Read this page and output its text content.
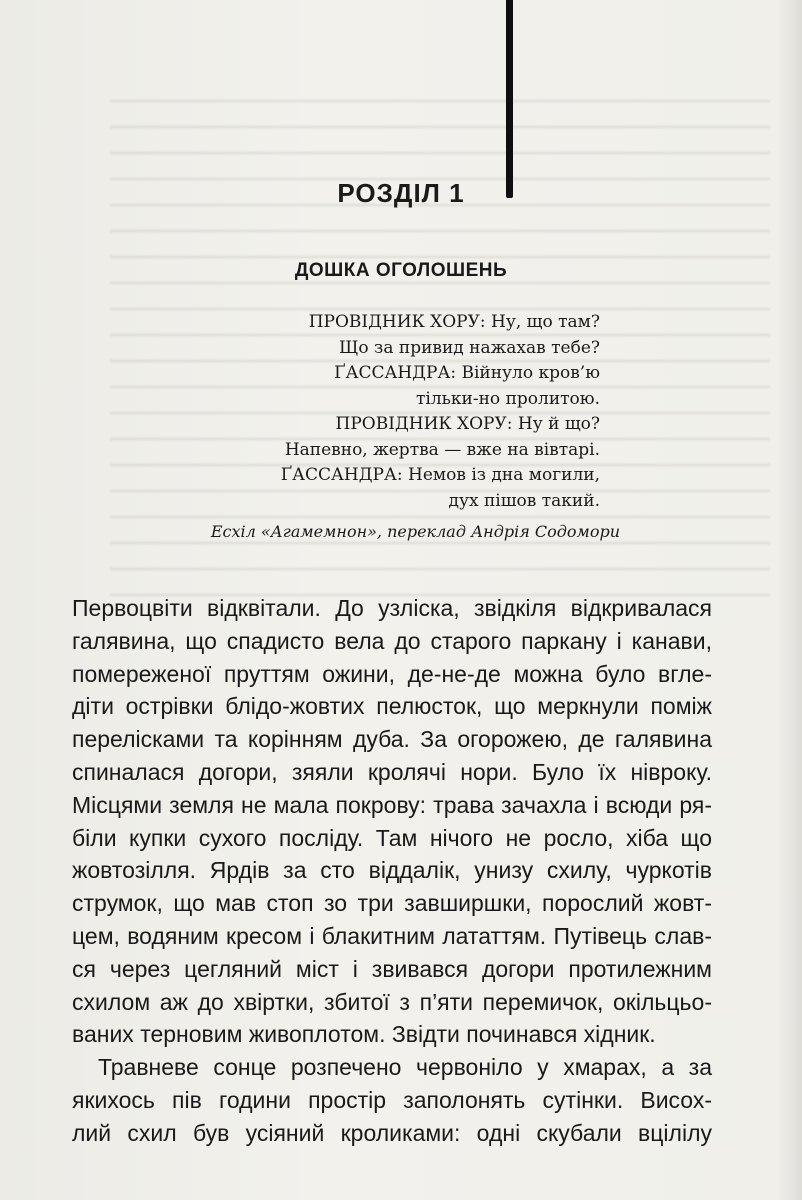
РОЗДІЛ 1
ДОШКА ОГОЛОШЕНЬ
ПРОВІДНИК ХОРУ: Ну, що там?
Що за привид нажахав тебе?
ҐАССАНДРА: Війнуло кров’ю
тільки-но пролитою.
ПРОВІДНИК ХОРУ: Ну й що?
Напевно, жертва — вже на вівтарі.
ҐАССАНДРА: Немов із дна могили,
дух пішов такий.
Есхіл «Агамемнон», переклад Андрія Содомори
Первоцвіти відквітали. До узліска, звідкіля відкривалася
галявина, що спадисто вела до старого паркану і канави,
помереженої пруттям ожини, де-не-де можна було вгле-
діти острівки блідо-жовтих пелюсток, що меркнули поміж
перелісками та корінням дуба. За огорожею, де галявина
спиналася догори, зяяли кролячі нори. Було їх нівроку.
Місцями земля не мала покрову: трава зачахла і всюди ря-
біли купки сухого послiду. Там нічого не росло, хіба що
жовтозілля. Ярдів за сто віддалік, унизу схилу, чуркотів
струмок, що мав стоп зо три завширшки, порослий жовт-
цем, водяним кресом і блакитним лататтям. Путівець слав-
ся через цегляний міст і звивався догори протилежним
схилом аж до хвіртки, збитої з п’яти перемичок, окільцьо-
ваних терновим живоплотом. Звідти починався хідник.
Травневе сонце розпечено червоніло у хмарах, а за
якихось пів години простір заполонять сутінки. Висох-
лий схил був усіяний кроликами: одні скубали вцілілу
